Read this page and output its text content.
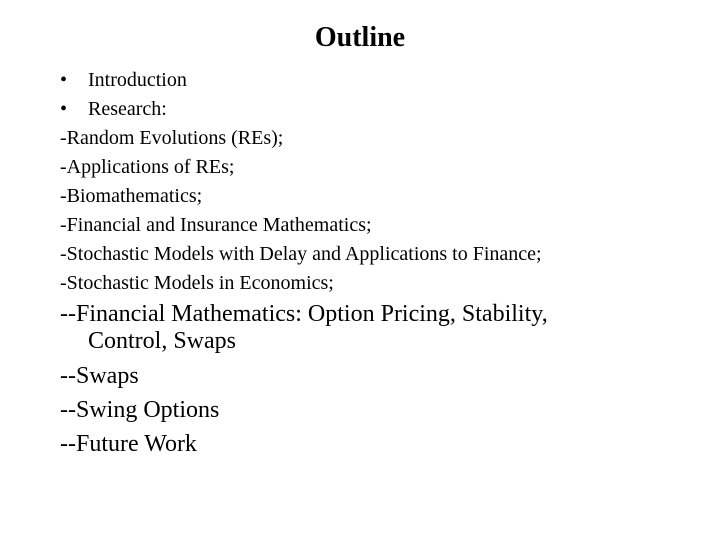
Outline
• Introduction
• Research:
-Random Evolutions (REs);
-Applications of REs;
-Biomathematics;
-Financial and Insurance Mathematics;
-Stochastic Models with Delay and Applications to Finance;
-Stochastic Models in Economics;
--Financial Mathematics: Option Pricing, Stability,
Control, Swaps
--Swaps
--Swing Options
--Future Work
